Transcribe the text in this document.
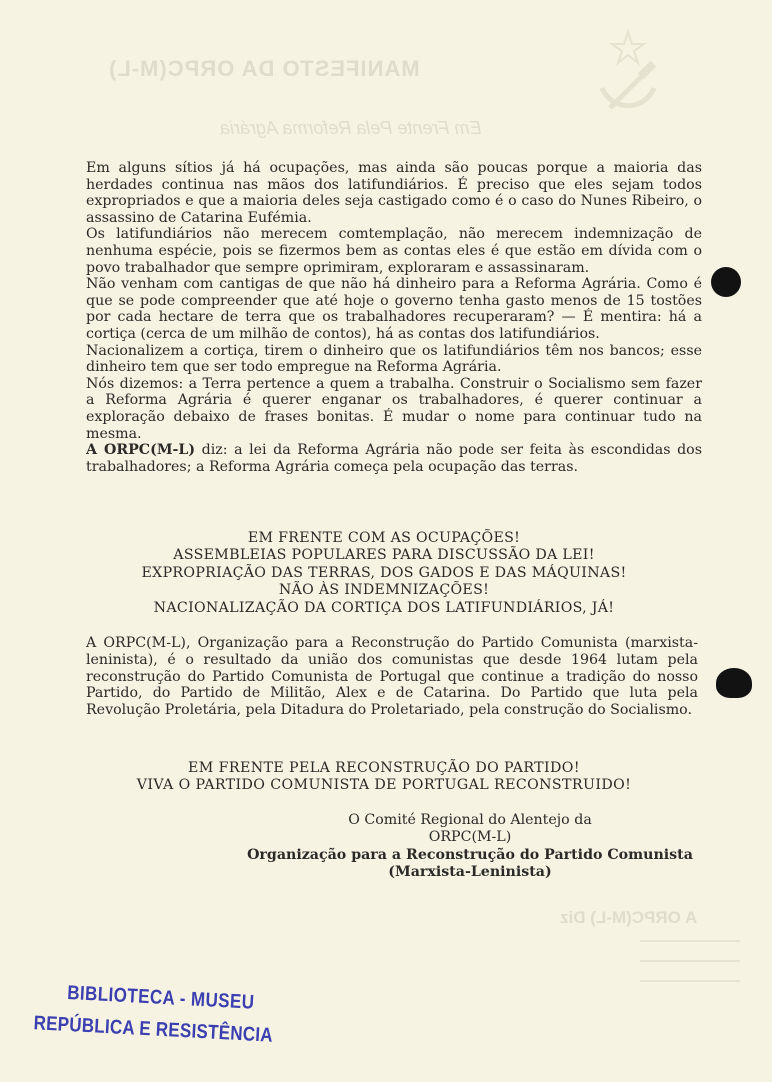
MANIFESTO DA ORPC(M-L)
Em Frente Pela Reforma Agrária
A ORPC(M-L) Diz

Em alguns sítios já há ocupações, mas ainda são poucas porque a maioria das herdades continua nas mãos dos latifundiários. É preciso que eles sejam todos expropriados e que a maioria deles seja castigado como é o caso do Nunes Ribeiro, o assassino de Catarina Eufémia.

Os latifundiários não merecem comtemplação, não merecem indemnização de nenhuma espécie, pois se fizermos bem as contas eles é que estão em dívida com o povo trabalhador que sempre oprimiram, exploraram e assassinaram.

Não venham com cantigas de que não há dinheiro para a Reforma Agrária. Como é que se pode compreender que até hoje o governo tenha gasto menos de 15 tostões por cada hectare de terra que os trabalhadores recuperaram? — É mentira: há a cortiça (cerca de um milhão de contos), há as contas dos latifundiários.

Nacionalizem a cortiça, tirem o dinheiro que os latifundiários têm nos bancos; esse dinheiro tem que ser todo empregue na Reforma Agrária.

Nós dizemos: a Terra pertence a quem a trabalha. Construir o Socialismo sem fazer a Reforma Agrária é querer enganar os trabalhadores, é querer continuar a exploração debaixo de frases bonitas. É mudar o nome para continuar tudo na mesma.

A ORPC(M-L) diz: a lei da Reforma Agrária não pode ser feita às escondidas dos trabalhadores; a Reforma Agrária começa pela ocupação das terras.

EM FRENTE COM AS OCUPAÇÕES!
ASSEMBLEIAS POPULARES PARA DISCUSSÃO DA LEI!
EXPROPRIAÇÃO DAS TERRAS, DOS GADOS E DAS MÁQUINAS!
NÃO ÀS INDEMNIZAÇÕES!
NACIONALIZAÇÃO DA CORTIÇA DOS LATIFUNDIÁRIOS, JÁ!
A ORPC(M-L), Organização para a Reconstrução do Partido Comunista (marxista-leninista), é o resultado da união dos comunistas que desde 1964 lutam pela reconstrução do Partido Comunista de Portugal que continue a tradição do nosso Partido, do Partido de Militão, Alex e de Catarina. Do Partido que luta pela Revolução Proletária, pela Ditadura do Proletariado, pela construção do Socialismo.
EM FRENTE PELA RECONSTRUÇÃO DO PARTIDO!
VIVA O PARTIDO COMUNISTA DE PORTUGAL RECONSTRUIDO!
O Comité Regional do Alentejo da
ORPC(M-L)
Organização para a Reconstrução do Partido Comunista
(Marxista-Leninista)
BIBLIOTECA - MUSEU
REPÚBLICA E RESISTÊNCIA
